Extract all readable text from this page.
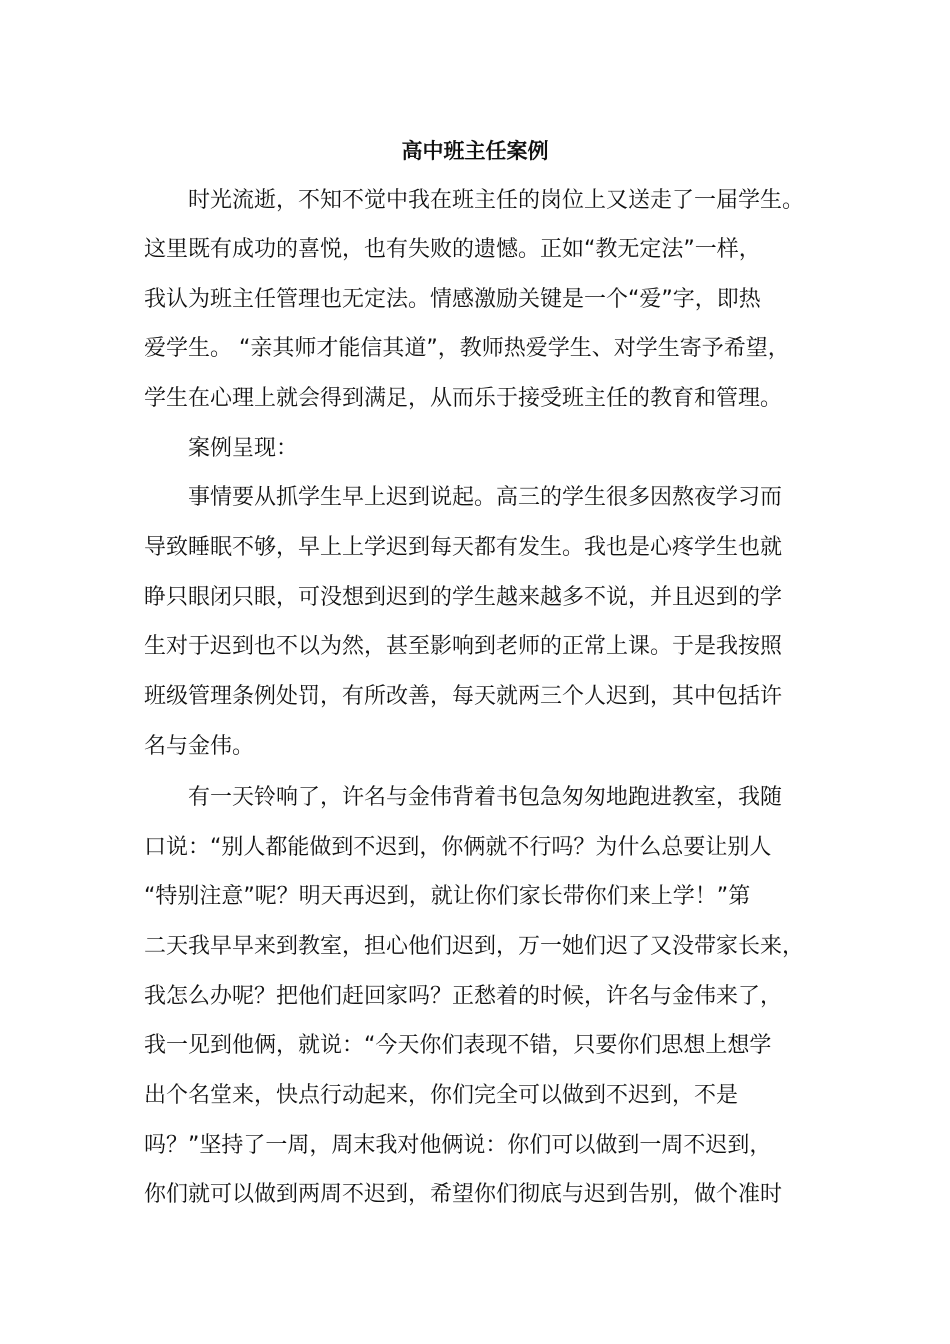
高中班主任案例
时光流逝，不知不觉中我在班主任的岗位上又送走了一届学生。
这里既有成功的喜悦，也有失败的遗憾。正如“教无定法”一样，
我认为班主任管理也无定法。情感激励关键是一个“爱”字，即热
爱学生。 “亲其师才能信其道”，教师热爱学生、对学生寄予希望，
学生在心理上就会得到满足，从而乐于接受班主任的教育和管理。
案例呈现：
事情要从抓学生早上迟到说起。高三的学生很多因熬夜学习而
导致睡眠不够，早上上学迟到每天都有发生。我也是心疼学生也就
睁只眼闭只眼，可没想到迟到的学生越来越多不说，并且迟到的学
生对于迟到也不以为然，甚至影响到老师的正常上课。于是我按照
班级管理条例处罚，有所改善，每天就两三个人迟到，其中包括许
名与金伟。
有一天铃响了，许名与金伟背着书包急匆匆地跑进教室，我随
口说：“别人都能做到不迟到，你俩就不行吗？为什么总要让别人
“特别注意”呢？明天再迟到，就让你们家长带你们来上学！”第
二天我早早来到教室，担心他们迟到，万一她们迟了又没带家长来，
我怎么办呢？把他们赶回家吗？正愁着的时候，许名与金伟来了，
我一见到他俩，就说：“今天你们表现不错，只要你们思想上想学
出个名堂来，快点行动起来，你们完全可以做到不迟到，不是
吗？”坚持了一周，周末我对他俩说：你们可以做到一周不迟到，
你们就可以做到两周不迟到，希望你们彻底与迟到告别，做个准时
